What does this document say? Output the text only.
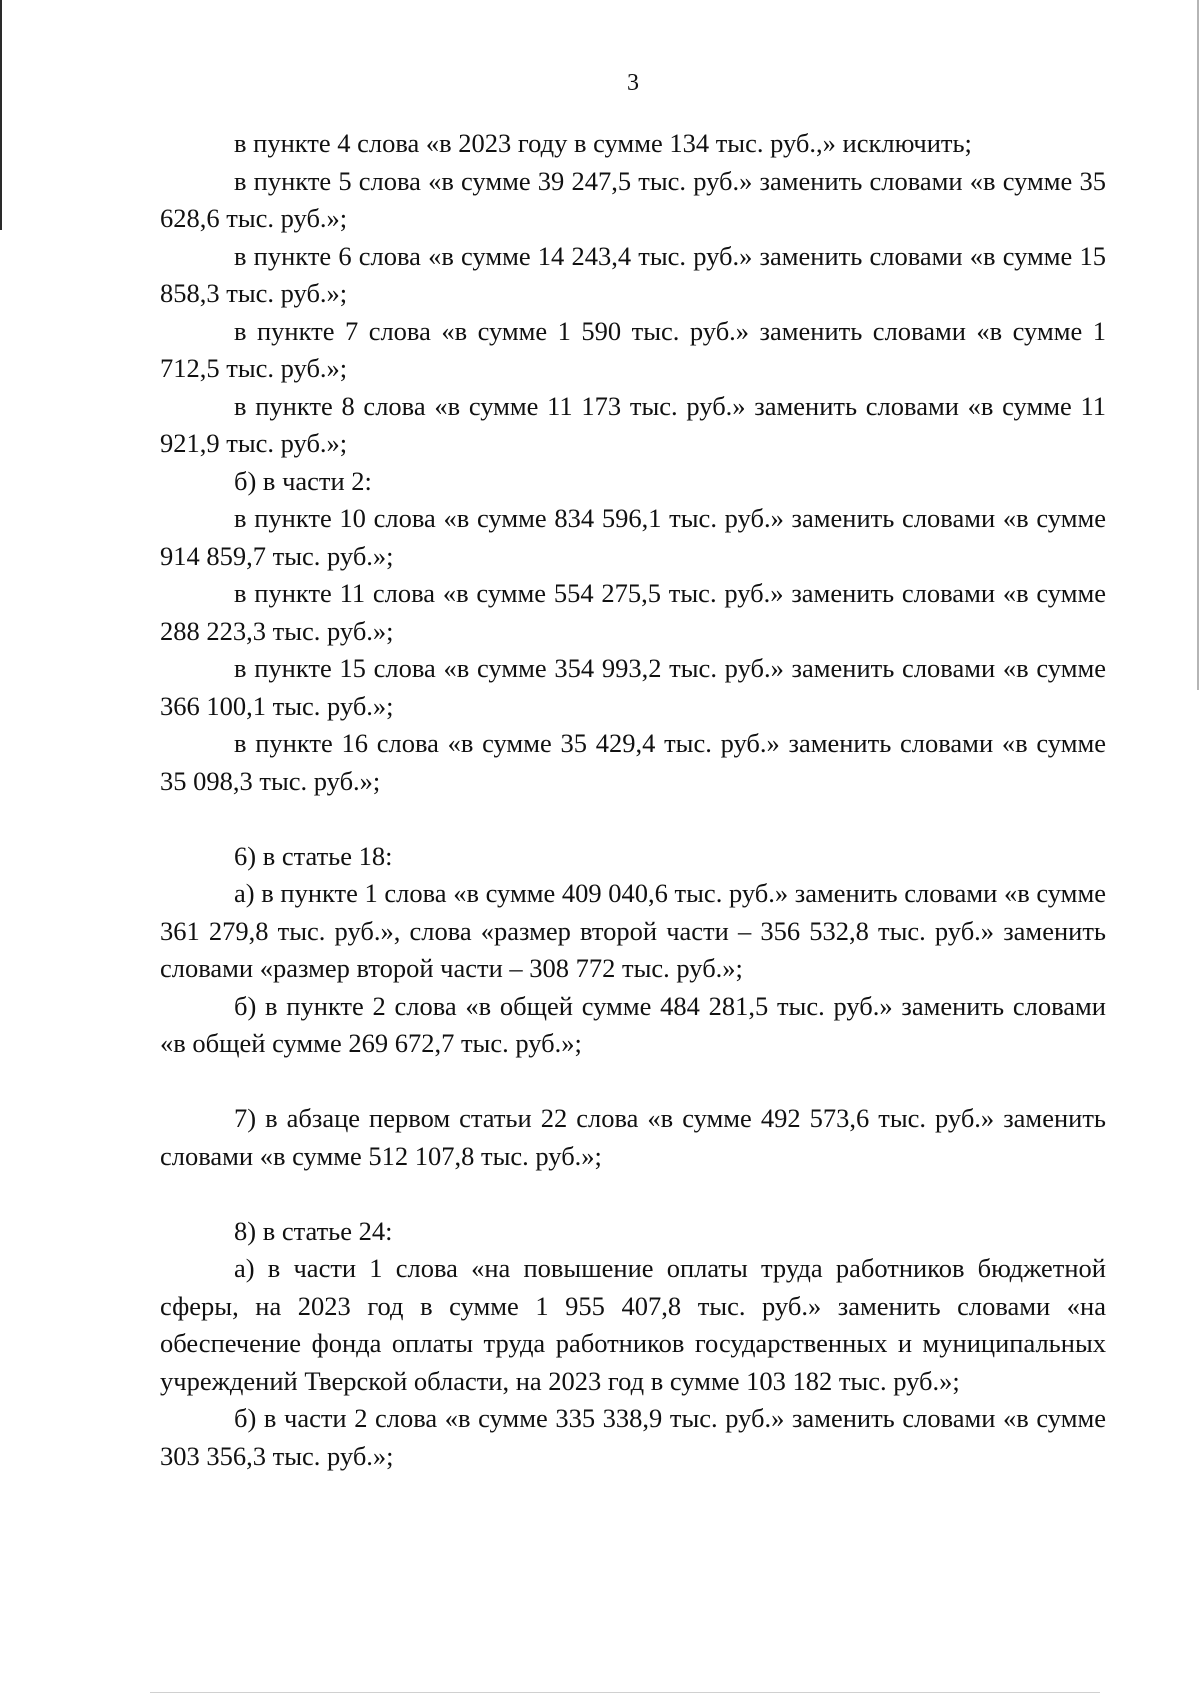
3

в пункте 4 слова «в 2023 году в сумме 134 тыс. руб.,» исключить;

в пункте 5 слова «в сумме 39 247,5 тыс. руб.» заменить словами «в сумме 35 628,6 тыс. руб.»;

в пункте 6 слова «в сумме 14 243,4 тыс. руб.» заменить словами «в сумме 15 858,3 тыс. руб.»;

в пункте 7 слова «в сумме 1 590 тыс. руб.» заменить словами «в сумме 1 712,5 тыс. руб.»;

в пункте 8 слова «в сумме 11 173 тыс. руб.» заменить словами «в сумме 11 921,9 тыс. руб.»;

б) в части 2:

в пункте 10 слова «в сумме 834 596,1 тыс. руб.» заменить словами «в сумме 914 859,7 тыс. руб.»;

в пункте 11 слова «в сумме 554 275,5 тыс. руб.» заменить словами «в сумме 288 223,3 тыс. руб.»;

в пункте 15 слова «в сумме 354 993,2 тыс. руб.» заменить словами «в сумме 366 100,1 тыс. руб.»;

в пункте 16 слова «в сумме 35 429,4 тыс. руб.» заменить словами «в сумме 35 098,3 тыс. руб.»;

6) в статье 18:

а) в пункте 1 слова «в сумме 409 040,6 тыс. руб.» заменить словами «в сумме 361 279,8 тыс. руб.», слова «размер второй части – 356 532,8 тыс. руб.» заменить словами «размер второй части – 308 772 тыс. руб.»;

б) в пункте 2 слова «в общей сумме 484 281,5 тыс. руб.» заменить словами «в общей сумме 269 672,7 тыс. руб.»;

7) в абзаце первом статьи 22 слова «в сумме 492 573,6 тыс. руб.» заменить словами «в сумме 512 107,8 тыс. руб.»;

8) в статье 24:

а) в части 1 слова «на повышение оплаты труда работников бюджетной сферы, на 2023 год в сумме 1 955 407,8 тыс. руб.» заменить словами «на обеспечение фонда оплаты труда работников государственных и муниципальных учреждений Тверской области, на 2023 год в сумме 103 182 тыс. руб.»;

б) в части 2 слова «в сумме 335 338,9 тыс. руб.» заменить словами «в сумме 303 356,3 тыс. руб.»;
